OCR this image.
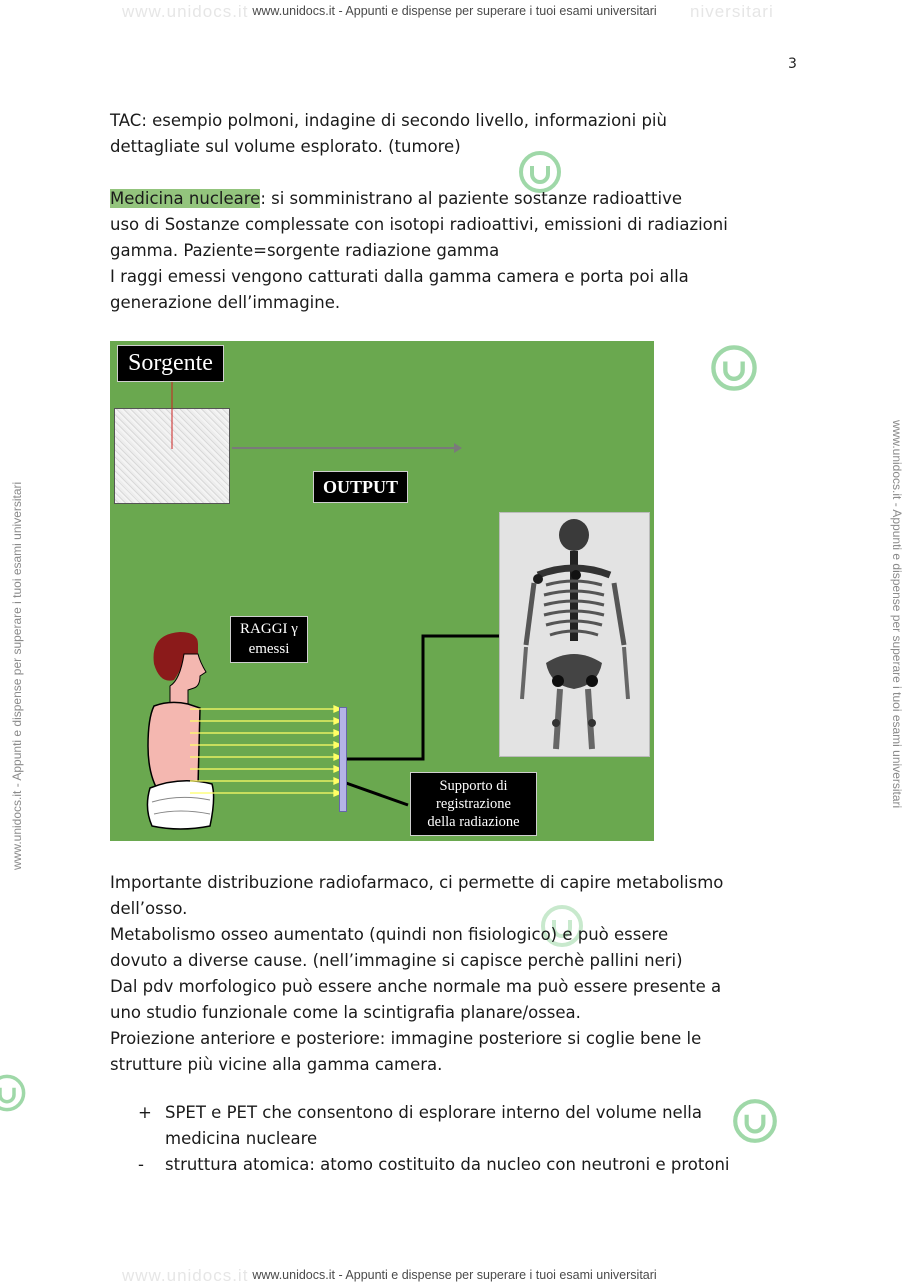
www.unidocs.it	niversitari
www.unidocs.it - Appunti e dispense per superare i tuoi esami universitari
www.unidocs.it www.unidocs.it - Appunti e dispense per superare i tuoi esami universitari
www.unidocs.it - Appunti e dispense per superare i tuoi esami universitari	www.unidocs.it - Appunti e dispense per superare i tuoi esami universitari
3

TAC: esempio polmoni, indagine di secondo livello, informazioni più

dettagliate sul volume esplorato. (tumore)

Medicina nucleare: si somministrano al paziente sostanze radioattive

uso di Sostanze complessate con isotopi radioattivi, emissioni di radiazioni

gamma. Paziente=sorgente radiazione gamma

I raggi emessi vengono catturati dalla gamma camera e porta poi alla

generazione dell’immagine.

Sorgente
OUTPUT
RAGGI γ
emessi
Supporto di
registrazione
della radiazione

Importante distribuzione radiofarmaco, ci permette di capire metabolismo

dell’osso.

Metabolismo osseo aumentato (quindi non fisiologico) e può essere

dovuto a diverse cause. (nell’immagine si capisce perchè pallini neri)

Dal pdv morfologico può essere anche normale ma può essere presente a

uno studio funzionale come la scintigrafia planare/ossea.

Proiezione anteriore e posteriore: immagine posteriore si coglie bene le

strutture più vicine alla gamma camera.

+ SPET e PET che consentono di esplorare interno del volume nella
medicina nucleare
- struttura atomica: atomo costituito da nucleo con neutroni e protoni
